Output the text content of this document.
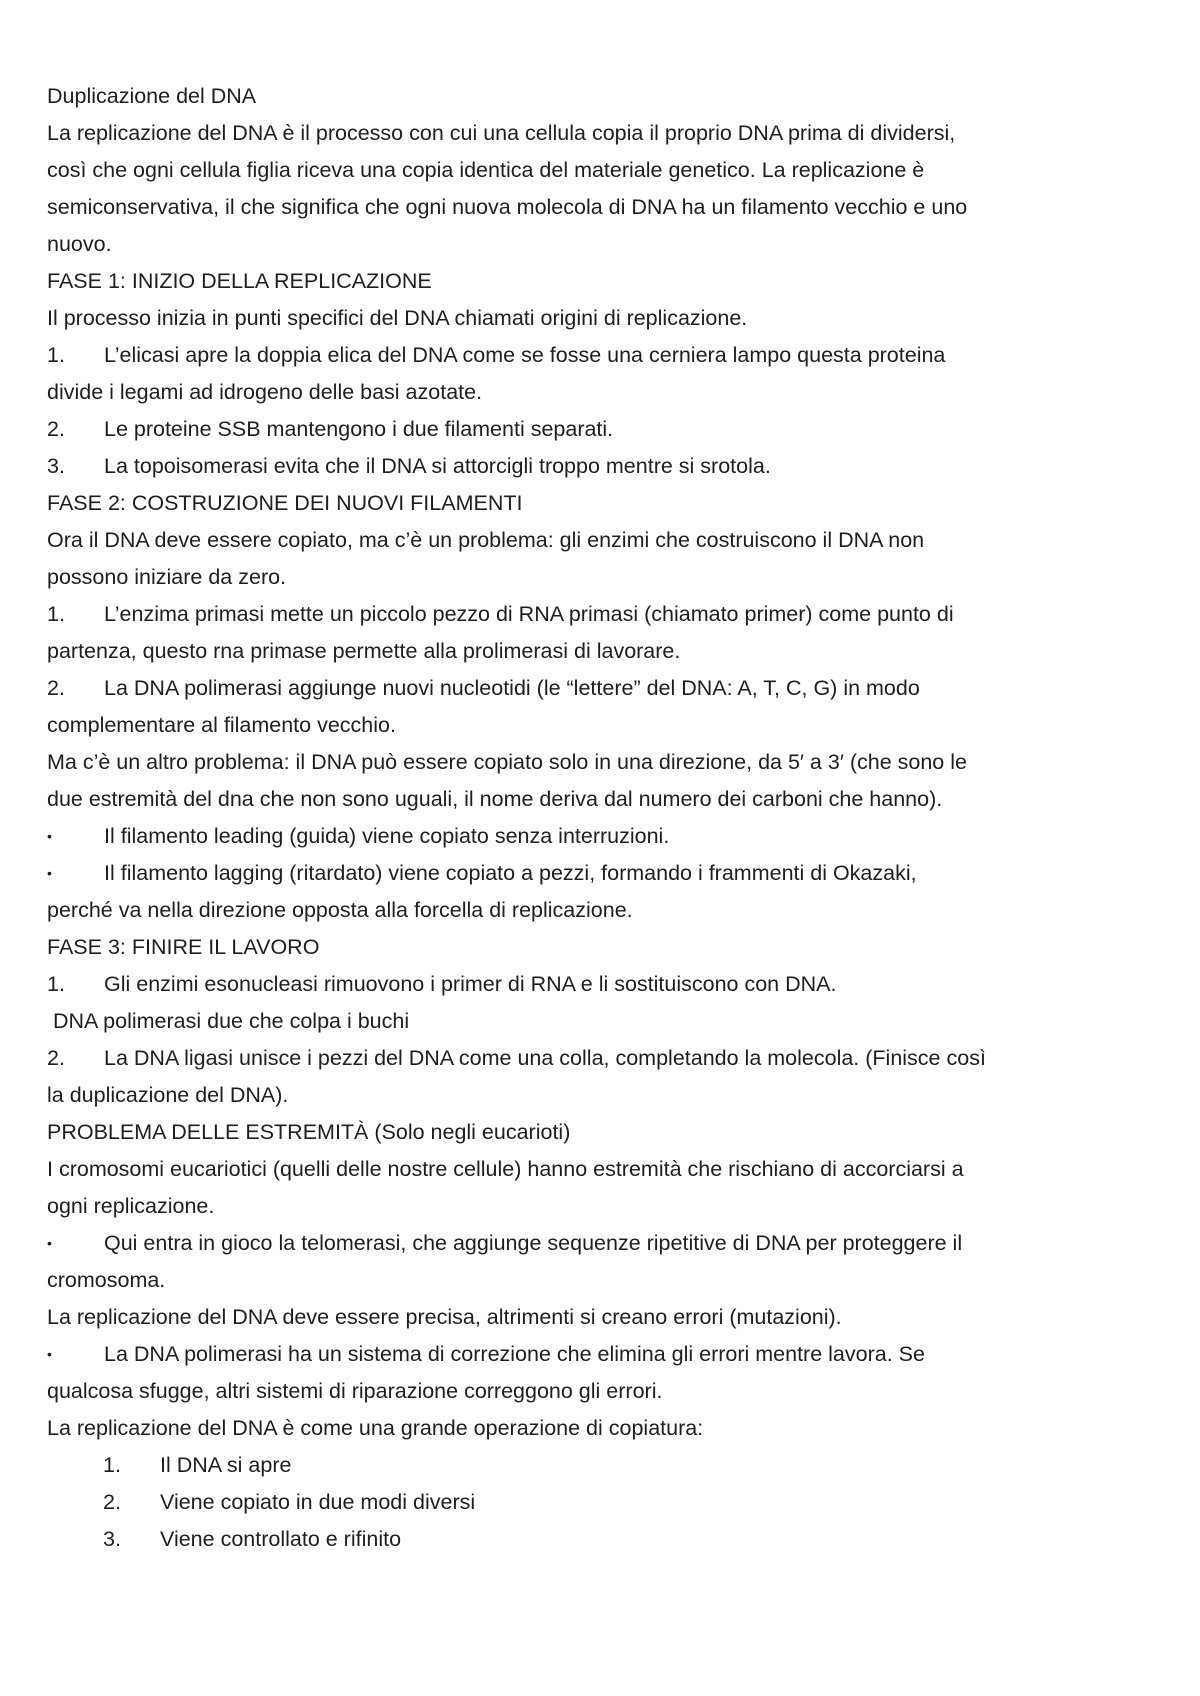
Duplicazione del DNA
La replicazione del DNA è il processo con cui una cellula copia il proprio DNA prima di dividersi,
così che ogni cellula figlia riceva una copia identica del materiale genetico. La replicazione è
semiconservativa, il che significa che ogni nuova molecola di DNA ha un filamento vecchio e uno
nuovo.
FASE 1: INIZIO DELLA REPLICAZIONE
Il processo inizia in punti specifici del DNA chiamati origini di replicazione.
1.	L’elicasi apre la doppia elica del DNA come se fosse una cerniera lampo questa proteina
divide i legami ad idrogeno delle basi azotate.
2.	Le proteine SSB mantengono i due filamenti separati.
3.	La topoisomerasi evita che il DNA si attorcigli troppo mentre si srotola.
FASE 2: COSTRUZIONE DEI NUOVI FILAMENTI
Ora il DNA deve essere copiato, ma c’è un problema: gli enzimi che costruiscono il DNA non
possono iniziare da zero.
1.	L’enzima primasi mette un piccolo pezzo di RNA primasi (chiamato primer) come punto di
partenza, questo rna primase permette alla prolimerasi di lavorare.
2.	La DNA polimerasi aggiunge nuovi nucleotidi (le “lettere” del DNA: A, T, C, G) in modo
complementare al filamento vecchio.
Ma c’è un altro problema: il DNA può essere copiato solo in una direzione, da 5′ a 3′ (che sono le
due estremità del dna che non sono uguali, il nome deriva dal numero dei carboni che hanno).
•	Il filamento leading (guida) viene copiato senza interruzioni.
•	Il filamento lagging (ritardato) viene copiato a pezzi, formando i frammenti di Okazaki,
perché va nella direzione opposta alla forcella di replicazione.
FASE 3: FINIRE IL LAVORO
1.	Gli enzimi esonucleasi rimuovono i primer di RNA e li sostituiscono con DNA.
DNA polimerasi due che colpa i buchi
2.	La DNA ligasi unisce i pezzi del DNA come una colla, completando la molecola. (Finisce così
la duplicazione del DNA).
PROBLEMA DELLE ESTREMITÀ (Solo negli eucarioti)
I cromosomi eucariotici (quelli delle nostre cellule) hanno estremità che rischiano di accorciarsi a
ogni replicazione.
•	Qui entra in gioco la telomerasi, che aggiunge sequenze ripetitive di DNA per proteggere il
cromosoma.
La replicazione del DNA deve essere precisa, altrimenti si creano errori (mutazioni).
•	La DNA polimerasi ha un sistema di correzione che elimina gli errori mentre lavora. Se
qualcosa sfugge, altri sistemi di riparazione correggono gli errori.
La replicazione del DNA è come una grande operazione di copiatura:
1.	Il DNA si apre
2.	Viene copiato in due modi diversi
3.	Viene controllato e rifinito
